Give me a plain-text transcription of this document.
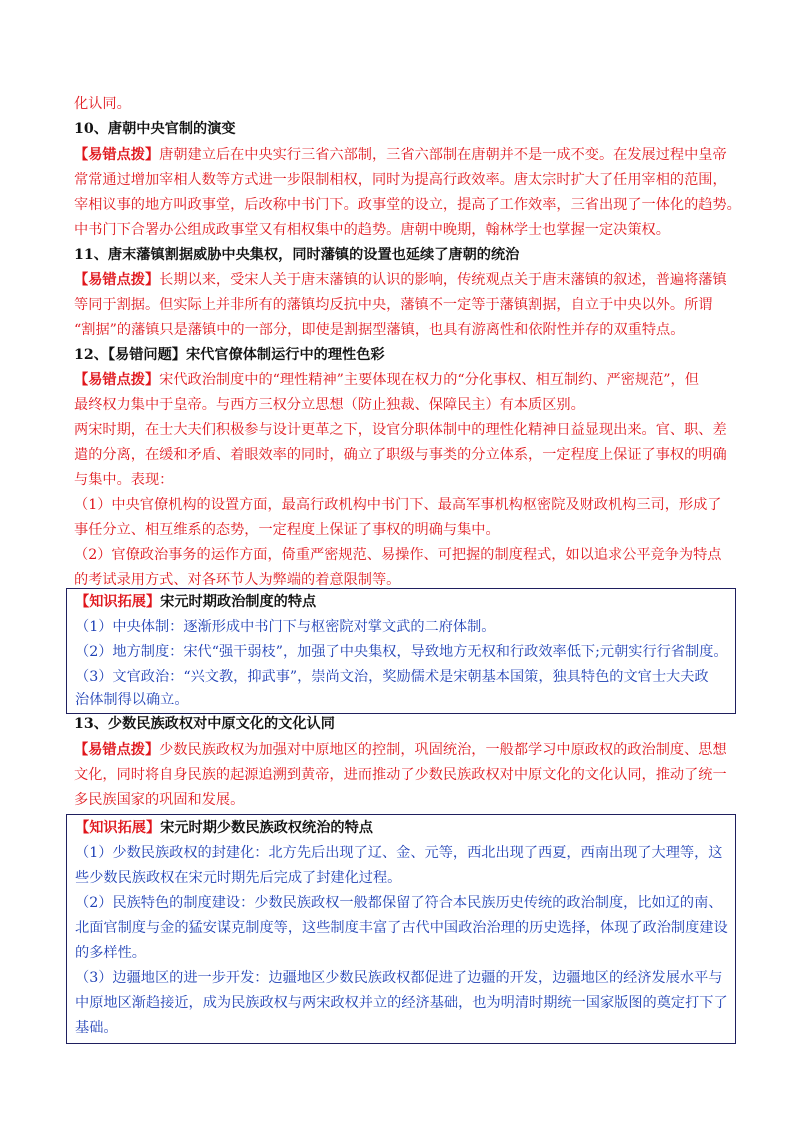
化认同。
10、唐朝中央官制的演变
【易错点拨】唐朝建立后在中央实行三省六部制，三省六部制在唐朝并不是一成不变。在发展过程中皇帝
常常通过增加宰相人数等方式进一步限制相权，同时为提高行政效率。唐太宗时扩大了任用宰相的范围，
宰相议事的地方叫政事堂，后改称中书门下。政事堂的设立，提高了工作效率，三省出现了一体化的趋势。
中书门下合署办公组成政事堂又有相权集中的趋势。唐朝中晚期，翰林学士也掌握一定决策权。
11、唐末藩镇割据威胁中央集权，同时藩镇的设置也延续了唐朝的统治
【易错点拨】长期以来，受宋人关于唐末藩镇的认识的影响，传统观点关于唐末藩镇的叙述，普遍将藩镇
等同于割据。但实际上并非所有的藩镇均反抗中央，藩镇不一定等于藩镇割据，自立于中央以外。所谓
“割据”的藩镇只是藩镇中的一部分，即使是割据型藩镇，也具有游离性和依附性并存的双重特点。
12、【易错问题】宋代官僚体制运行中的理性色彩
【易错点拨】宋代政治制度中的“理性精神”主要体现在权力的“分化事权、相互制约、严密规范”，但
最终权力集中于皇帝。与西方三权分立思想（防止独裁、保障民主）有本质区别。
两宋时期，在士大夫们积极参与设计更革之下，设官分职体制中的理性化精神日益显现出来。官、职、差
遣的分离，在缓和矛盾、着眼效率的同时，确立了职级与事类的分立体系，一定程度上保证了事权的明确
与集中。表现：
（1）中央官僚机构的设置方面，最高行政机构中书门下、最高军事机构枢密院及财政机构三司，形成了
事任分立、相互维系的态势，一定程度上保证了事权的明确与集中。
（2）官僚政治事务的运作方面，倚重严密规范、易操作、可把握的制度程式，如以追求公平竞争为特点
的考试录用方式、对各环节人为弊端的着意限制等。
【知识拓展】宋元时期政治制度的特点
（1）中央体制：逐渐形成中书门下与枢密院对掌文武的二府体制。
（2）地方制度：宋代“强干弱枝”，加强了中央集权，导致地方无权和行政效率低下;元朝实行行省制度。
（3）文官政治：“兴文教，抑武事”，崇尚文治，奖励儒术是宋朝基本国策，独具特色的文官士大夫政
治体制得以确立。
13、少数民族政权对中原文化的文化认同
【易错点拨】少数民族政权为加强对中原地区的控制，巩固统治，一般都学习中原政权的政治制度、思想
文化，同时将自身民族的起源追溯到黄帝，进而推动了少数民族政权对中原文化的文化认同，推动了统一
多民族国家的巩固和发展。
【知识拓展】宋元时期少数民族政权统治的特点
（1）少数民族政权的封建化：北方先后出现了辽、金、元等，西北出现了西夏，西南出现了大理等，这
些少数民族政权在宋元时期先后完成了封建化过程。
（2）民族特色的制度建设：少数民族政权一般都保留了符合本民族历史传统的政治制度，比如辽的南、
北面官制度与金的猛安谋克制度等，这些制度丰富了古代中国政治治理的历史选择，体现了政治制度建设
的多样性。
（3）边疆地区的进一步开发：边疆地区少数民族政权都促进了边疆的开发，边疆地区的经济发展水平与
中原地区渐趋接近，成为民族政权与两宋政权并立的经济基础，也为明清时期统一国家版图的奠定打下了
基础。
